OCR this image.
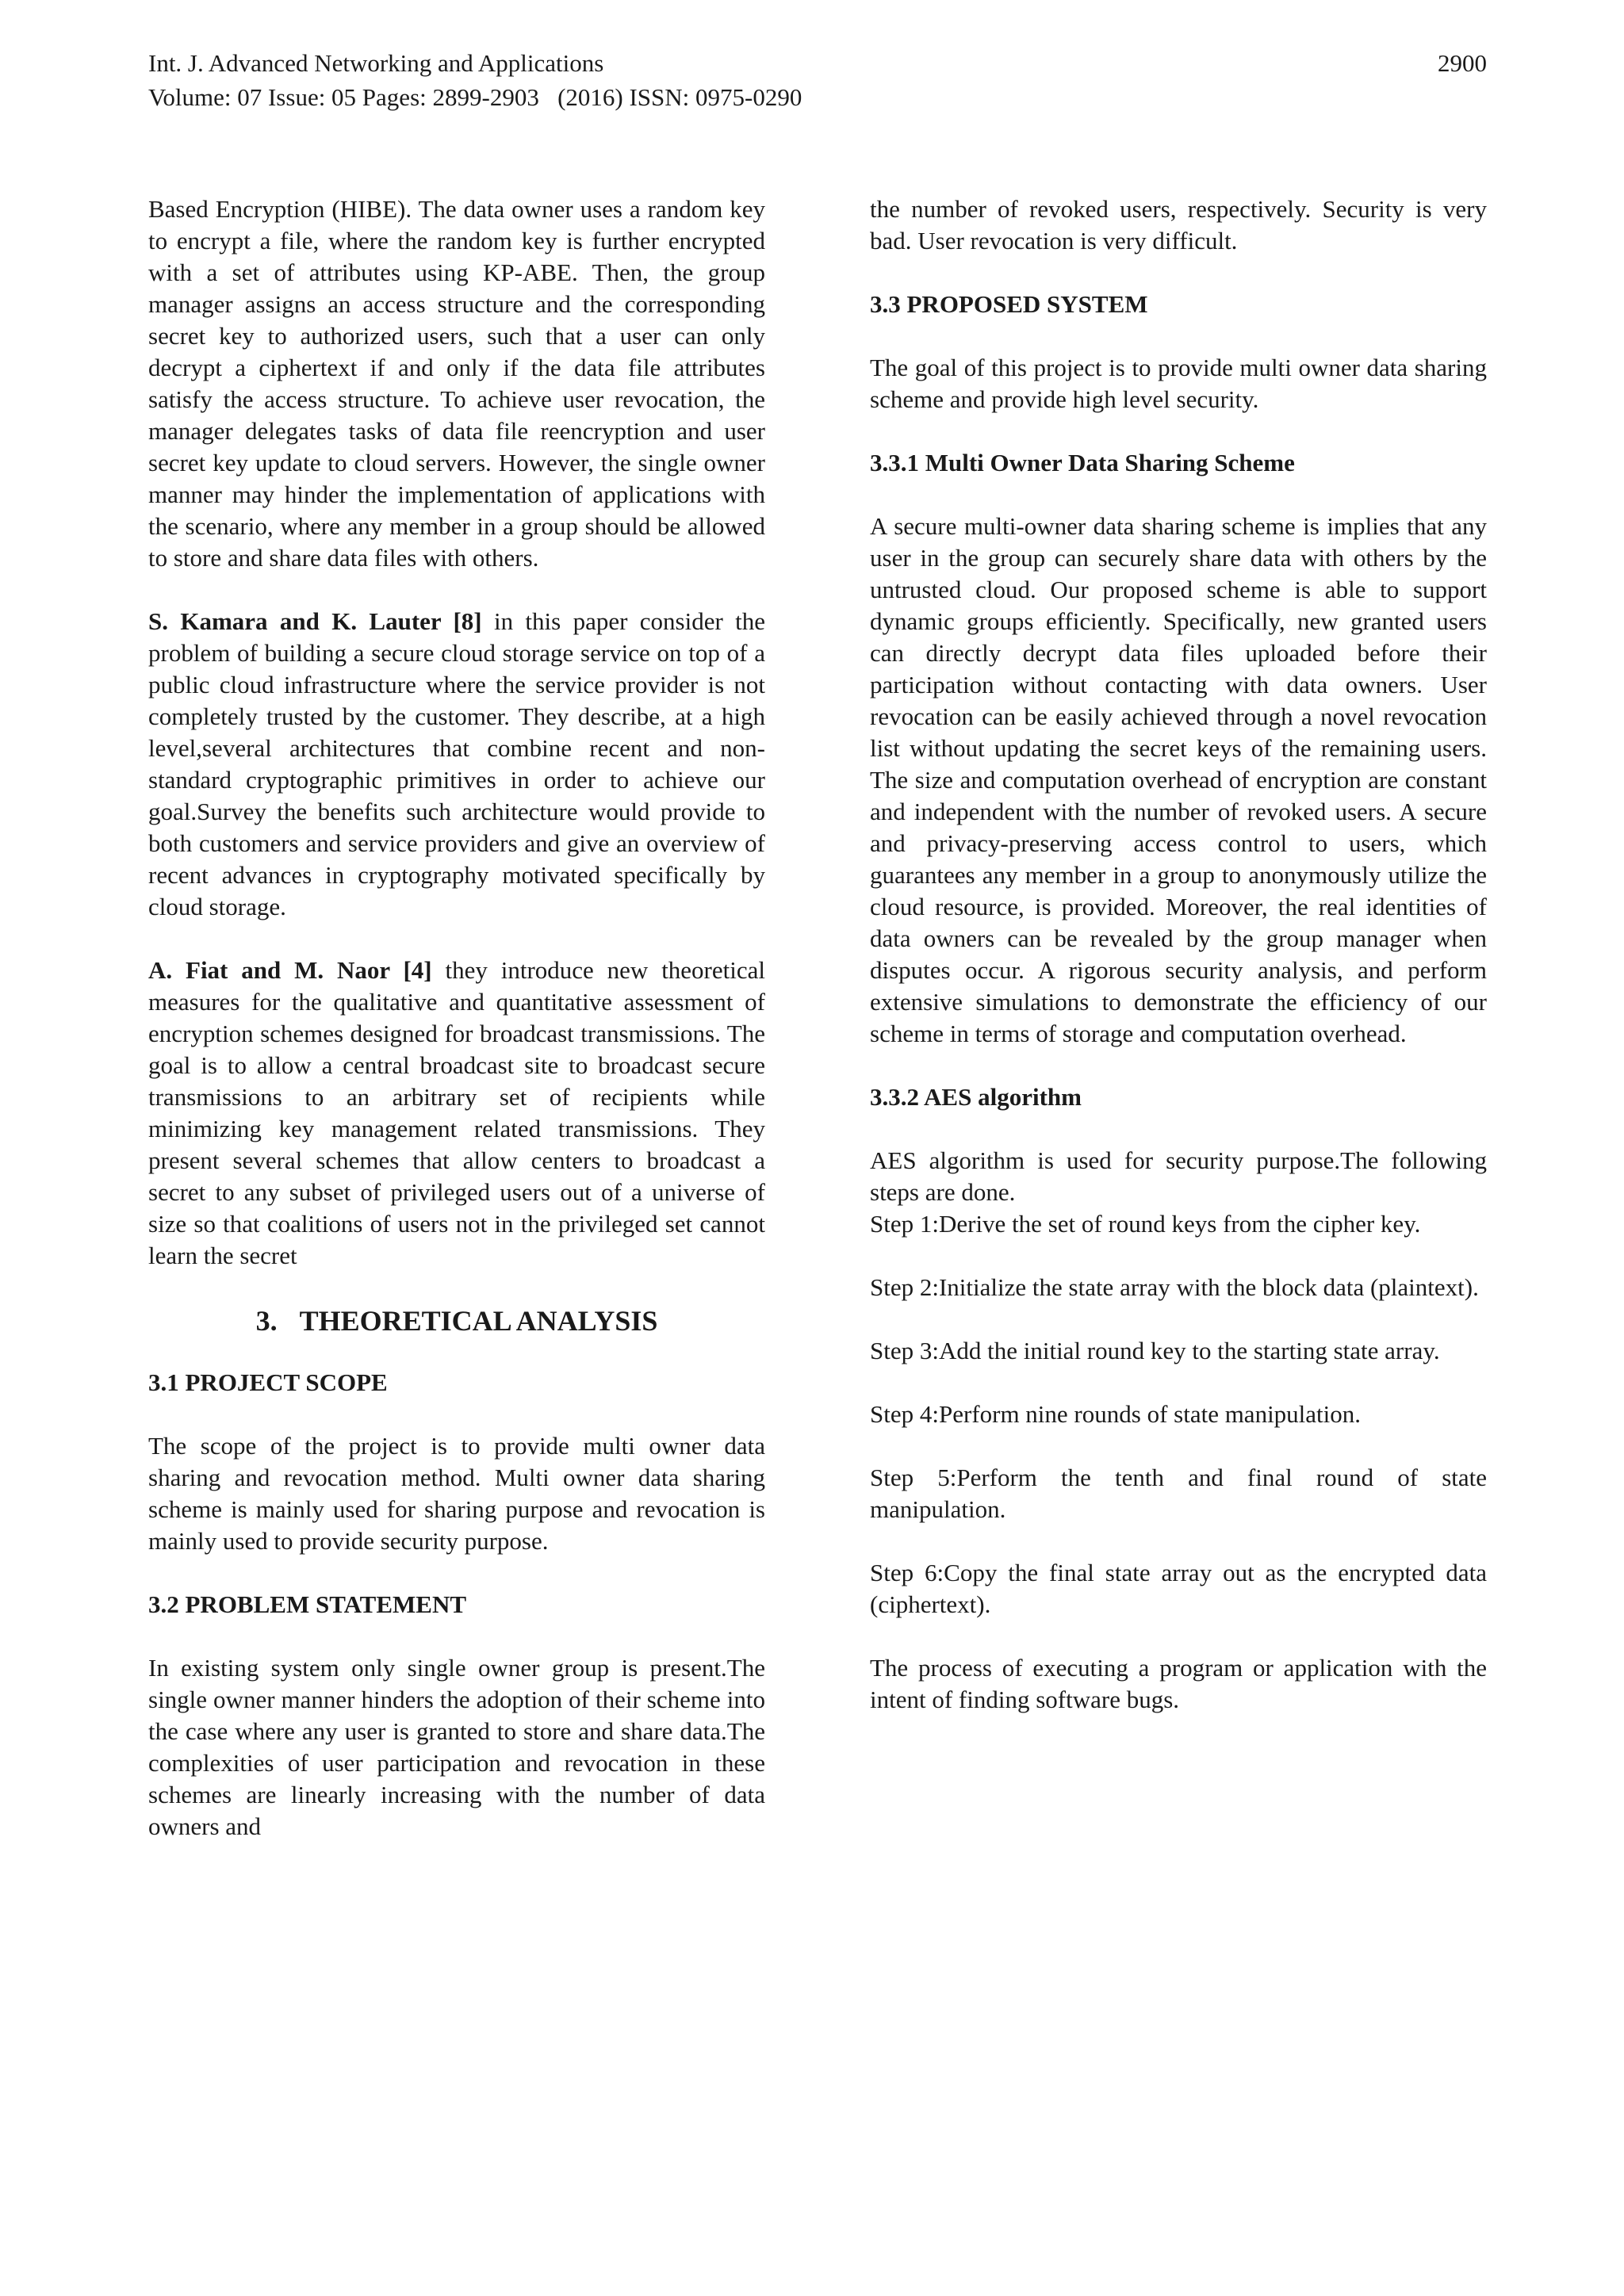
Int. J. Advanced Networking and Applications	2900
Volume: 07 Issue: 05 Pages: 2899-2903   (2016) ISSN: 0975-0290

Based Encryption (HIBE). The data owner uses a random key to encrypt a file, where the random key is further encrypted with a set of attributes using KP-ABE. Then, the group manager assigns an access structure and the corresponding secret key to authorized users, such that a user can only decrypt a ciphertext if and only if the data file attributes satisfy the access structure. To achieve user revocation, the manager delegates tasks of data file reencryption and user secret key update to cloud servers. However, the single owner manner may hinder the implementation of applications with the scenario, where any member in a group should be allowed to store and share data files with others.

S. Kamara and K. Lauter [8] in this paper consider the problem of building a secure cloud storage service on top of a public cloud infrastructure where the service provider is not completely trusted by the customer. They describe, at a high level,several architectures that combine recent and non-standard cryptographic primitives in order to achieve our goal.Survey the benefits such architecture would provide to both customers and service providers and give an overview of recent advances in cryptography motivated specifically by cloud storage.

A. Fiat and M. Naor [4] they introduce new theoretical measures for the qualitative and quantitative assessment of encryption schemes designed for broadcast transmissions. The goal is to allow a central broadcast site to broadcast secure transmissions to an arbitrary set of recipients while minimizing key management related transmissions. They present several schemes that allow centers to broadcast a secret to any subset of privileged users out of a universe of size so that coalitions of users not in the privileged set cannot learn the secret

3. THEORETICAL ANALYSIS
3.1 PROJECT SCOPE

The scope of the project is to provide multi owner data sharing and revocation method. Multi owner data sharing scheme is mainly used for sharing purpose and revocation is mainly used to provide security purpose.

3.2 PROBLEM STATEMENT

In existing system only single owner group is present.The single owner manner hinders the adoption of their scheme into the case where any user is granted to store and share data.The complexities of user participation and revocation in these schemes are linearly increasing with the number of data owners and

the number of revoked users, respectively. Security is very bad. User revocation is very difficult.

3.3 PROPOSED SYSTEM

The goal of this project is to provide multi owner data sharing scheme and provide high level security.

3.3.1 Multi Owner Data Sharing Scheme

A secure multi-owner data sharing scheme is implies that any user in the group can securely share data with others by the untrusted cloud. Our proposed scheme is able to support dynamic groups efficiently. Specifically, new granted users can directly decrypt data files uploaded before their participation without contacting with data owners. User revocation can be easily achieved through a novel revocation list without updating the secret keys of the remaining users. The size and computation overhead of encryption are constant and independent with the number of revoked users. A secure and privacy-preserving access control to users, which guarantees any member in a group to anonymously utilize the cloud resource, is provided. Moreover, the real identities of data owners can be revealed by the group manager when disputes occur. A rigorous security analysis, and perform extensive simulations to demonstrate the efficiency of our scheme in terms of storage and computation overhead.

3.3.2 AES algorithm

AES algorithm is used for security purpose.The following steps are done.

Step 1:Derive the set of round keys from the cipher key.

Step 2:Initialize the state array with the block data (plaintext).

Step 3:Add the initial round key to the starting state array.

Step 4:Perform nine rounds of state manipulation.

Step 5:Perform the tenth and final round of state manipulation.

Step 6:Copy the final state array out as the encrypted data (ciphertext).

The process of executing a program or application with the intent of finding software bugs.
